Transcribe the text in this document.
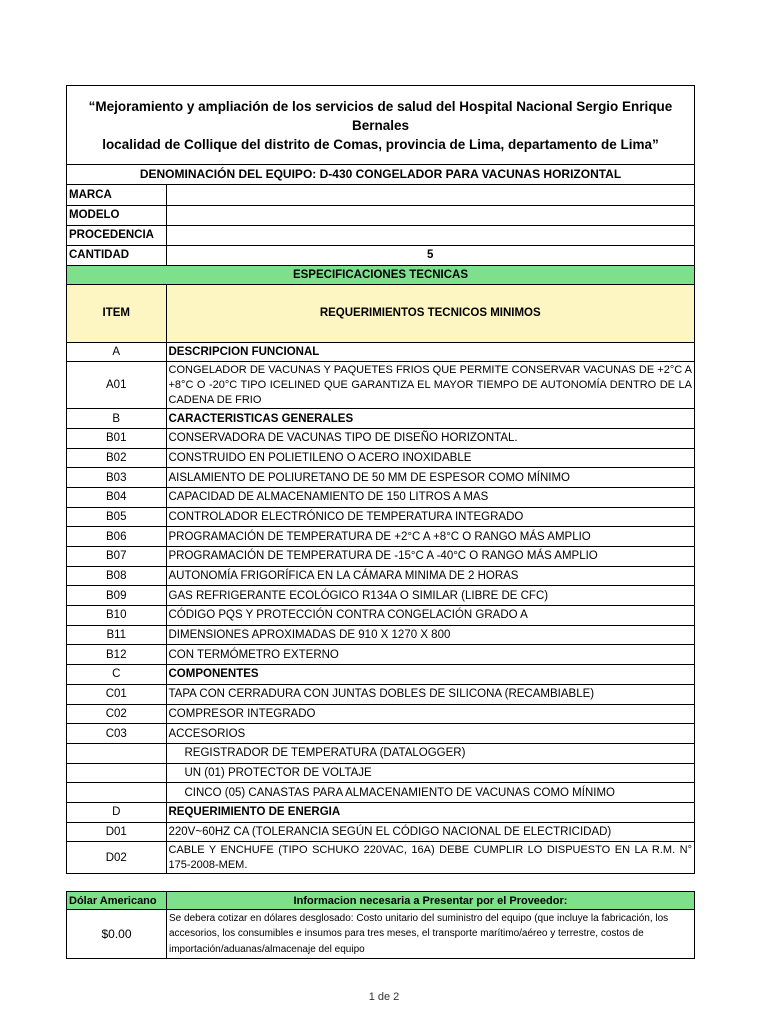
“Mejoramiento y ampliación de los servicios de salud del Hospital Nacional Sergio Enrique Bernales
localidad de Collique del distrito de Comas, provincia de Lima, departamento de Lima”
DENOMINACIÓN DEL EQUIPO: D-430 CONGELADOR PARA VACUNAS HORIZONTAL
MARCA	
MODELO	
PROCEDENCIA	
CANTIDAD	5
ESPECIFICACIONES TECNICAS	
ITEM	REQUERIMIENTOS TECNICOS MINIMOS
A	DESCRIPCION FUNCIONAL
A01	CONGELADOR DE VACUNAS Y PAQUETES FRIOS QUE PERMITE CONSERVAR VACUNAS DE +2°C A +8°C O -20°C TIPO ICELINED QUE GARANTIZA EL MAYOR TIEMPO DE AUTONOMÍA DENTRO DE LA CADENA DE FRIO
B	CARACTERISTICAS GENERALES
B01	CONSERVADORA DE VACUNAS TIPO DE DISEÑO HORIZONTAL.
B02	CONSTRUIDO EN POLIETILENO O ACERO INOXIDABLE
B03	AISLAMIENTO DE POLIURETANO DE 50 MM DE ESPESOR COMO MÍNIMO
B04	CAPACIDAD DE ALMACENAMIENTO DE 150 LITROS A MAS
B05	CONTROLADOR ELECTRÓNICO DE TEMPERATURA INTEGRADO
B06	PROGRAMACIÓN DE TEMPERATURA DE +2°C A +8°C O RANGO MÁS AMPLIO
B07	PROGRAMACIÓN DE TEMPERATURA DE -15°C A -40°C O RANGO MÁS AMPLIO
B08	AUTONOMÍA FRIGORÍFICA EN LA CÁMARA MINIMA DE 2 HORAS
B09	GAS REFRIGERANTE ECOLÓGICO R134A O SIMILAR (LIBRE DE CFC)
B10	CÓDIGO PQS Y PROTECCIÓN CONTRA CONGELACIÓN GRADO A
B11	DIMENSIONES APROXIMADAS DE 910 X 1270 X 800
B12	CON TERMÓMETRO EXTERNO
C	COMPONENTES
C01	TAPA CON CERRADURA CON JUNTAS DOBLES DE SILICONA (RECAMBIABLE)
C02	COMPRESOR INTEGRADO
C03	ACCESORIOS
	REGISTRADOR DE TEMPERATURA (DATALOGGER)
	UN (01) PROTECTOR DE VOLTAJE
	CINCO (05) CANASTAS PARA ALMACENAMIENTO DE VACUNAS COMO MÍNIMO
D	REQUERIMIENTO DE ENERGIA
D01	220V~60HZ CA (TOLERANCIA SEGÚN EL CÓDIGO NACIONAL DE ELECTRICIDAD)
D02	CABLE Y ENCHUFE (TIPO SCHUKO 220VAC, 16A) DEBE CUMPLIR LO DISPUESTO EN LA R.M. N° 175-2008-MEM.
Dólar Americano	Informacion necesaria a Presentar por el Proveedor:
$0.00	Se debera cotizar en dólares desglosado: Costo unitario del suministro del equipo (que incluye la fabricación, los accesorios, los consumibles e insumos para tres meses, el transporte marítimo/aéreo y terrestre, costos de importación/aduanas/almacenaje del equipo
1 de 2
